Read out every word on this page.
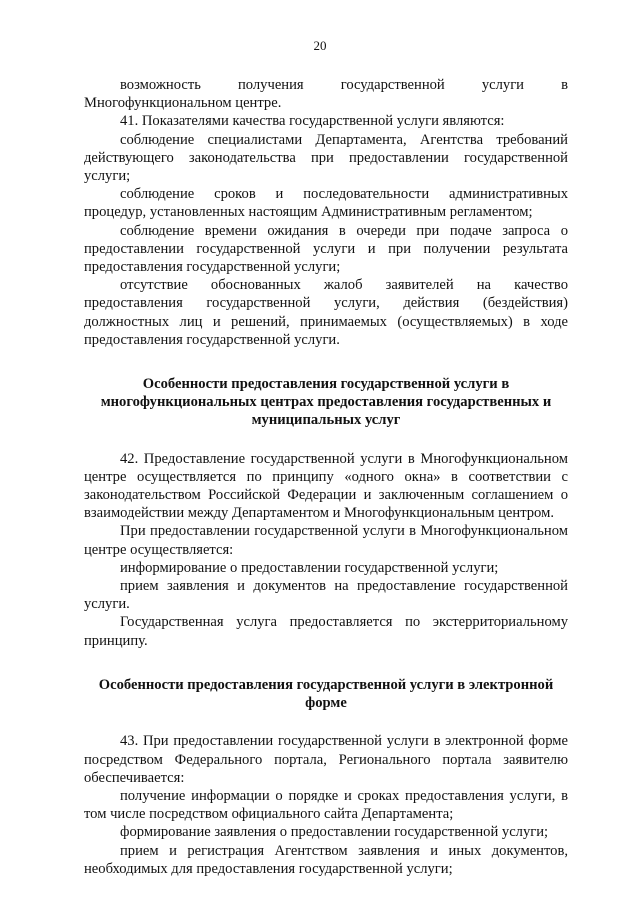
20

возможность получения государственной услуги в Многофункциональном центре.

41. Показателями качества государственной услуги являются:

соблюдение специалистами Департамента, Агентства требований действующего законодательства при предоставлении государственной услуги;

соблюдение сроков и последовательности административных процедур, установленных настоящим Административным регламентом;

соблюдение времени ожидания в очереди при подаче запроса о предоставлении государственной услуги и при получении результата предоставления государственной услуги;

отсутствие обоснованных жалоб заявителей на качество предоставления государственной услуги, действия (бездействия) должностных лиц и решений, принимаемых (осуществляемых) в ходе предоставления государственной услуги.

Особенности предоставления государственной услуги в многофункциональных центрах предоставления государственных и муниципальных услуг

42. Предоставление государственной услуги в Многофункциональном центре осуществляется по принципу «одного окна» в соответствии с законодательством Российской Федерации и заключенным соглашением о взаимодействии между Департаментом и Многофункциональным центром.

При предоставлении государственной услуги в Многофункциональном центре осуществляется:

информирование о предоставлении государственной услуги;

прием заявления и документов на предоставление государственной услуги.

Государственная услуга предоставляется по экстерриториальному принципу.

Особенности предоставления государственной услуги в электронной форме

43. При предоставлении государственной услуги в электронной форме посредством Федерального портала, Регионального портала заявителю обеспечивается:

получение информации о порядке и сроках предоставления услуги, в том числе посредством официального сайта Департамента;

формирование заявления о предоставлении государственной услуги;

прием и регистрация Агентством заявления и иных документов, необходимых для предоставления государственной услуги;
